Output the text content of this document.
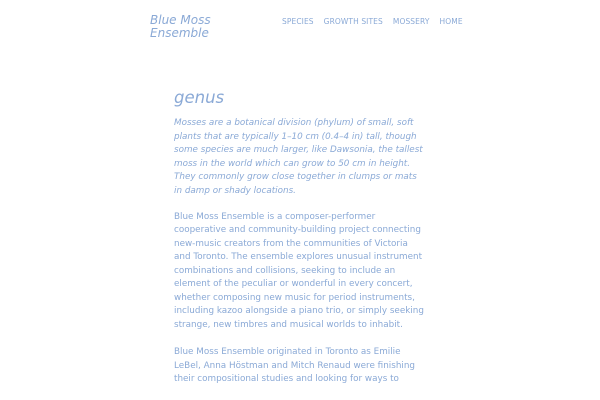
Blue Moss
Ensemble
SPECIES GROWTH SITES MOSSERY HOME
genus

Mosses are a botanical division (phylum) of small, soft plants that are typically 1–10 cm (0.4–4 in) tall, though some species are much larger, like Dawsonia, the tallest moss in the world which can grow to 50 cm in height. They commonly grow close together in clumps or mats in damp or shady locations.

Blue Moss Ensemble is a composer-performer cooperative and community-building project connecting new-music creators from the communities of Victoria and Toronto. The ensemble explores unusual instrument combinations and collisions, seeking to include an element of the peculiar or wonderful in every concert, whether composing new music for period instruments, including kazoo alongside a piano trio, or simply seeking strange, new timbres and musical worlds to inhabit.

Blue Moss Ensemble originated in Toronto as Emilie LeBel, Anna Höstman and Mitch Renaud were finishing their compositional studies and looking for ways to
